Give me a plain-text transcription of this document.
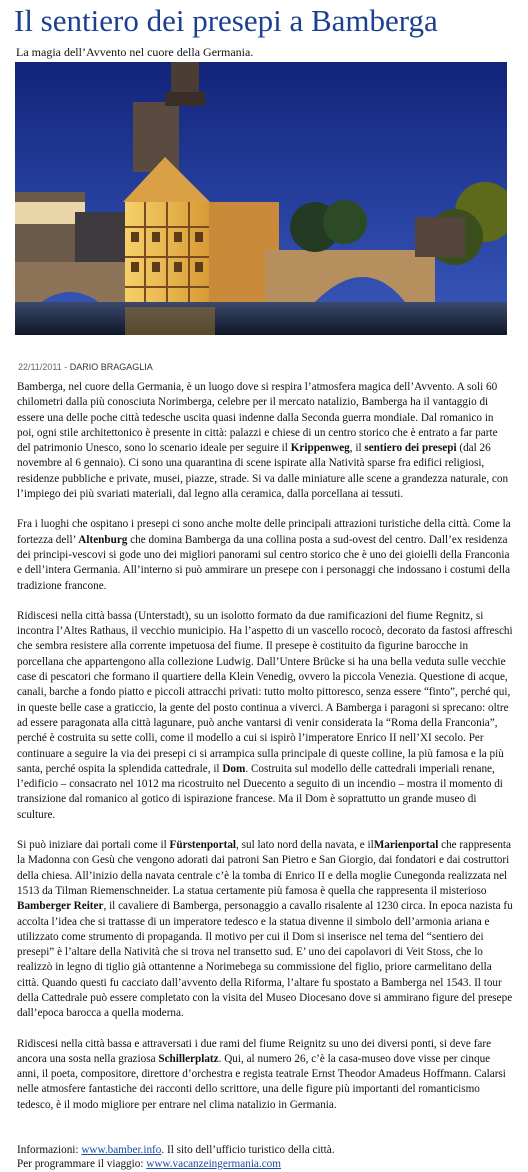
Il sentiero dei presepi a Bamberga
La magia dell’Avvento nel cuore della Germania.
22/11/2011 - DARIO BRAGAGLIA

Bamberga, nel cuore della Germania, è un luogo dove si respira l’atmosfera magica dell’Avvento. A soli 60 chilometri dalla più conosciuta Norimberga, celebre per il mercato natalizio, Bamberga ha il vantaggio di essere una delle poche città tedesche uscita quasi indenne dalla Seconda guerra mondiale. Dal romanico in poi, ogni stile architettonico è presente in città: palazzi e chiese di un centro storico che è entrato a far parte del patrimonio Unesco, sono lo scenario ideale per seguire il Krippenweg, il sentiero dei presepi (dal 26 novembre al 6 gennaio). Ci sono una quarantina di scene ispirate alla Natività sparse fra edifici religiosi, residenze pubbliche e private, musei, piazze, strade. Si va dalle miniature alle scene a grandezza naturale, con l’impiego dei più svariati materiali, dal legno alla ceramica, dalla porcellana ai tessuti.

Fra i luoghi che ospitano i presepi ci sono anche molte delle principali attrazioni turistiche della città. Come la fortezza dell’ Altenburg che domina Bamberga da una collina posta a sud-ovest del centro. Dall’ex residenza dei principi-vescovi si gode uno dei migliori panorami sul centro storico che è uno dei gioielli della Franconia e dell’intera Germania. All’interno si può ammirare un presepe con i personaggi che indossano i costumi della tradizione francone.

Ridiscesi nella città bassa (Unterstadt), su un isolotto formato da due ramificazioni del fiume Regnitz, si incontra l’Altes Rathaus, il vecchio municipio. Ha l’aspetto di un vascello rococò, decorato da fastosi affreschi che sembra resistere alla corrente impetuosa del fiume. Il presepe è costituito da figurine barocche in porcellana che appartengono alla collezione Ludwig. Dall’Untere Brücke si ha una bella veduta sulle vecchie case di pescatori che formano il quartiere della Klein Venedig, ovvero la piccola Venezia. Questione di acque, canali, barche a fondo piatto e piccoli attracchi privati: tutto molto pittoresco, senza essere “finto”, perché qui, in queste belle case a graticcio, la gente del posto continua a viverci. A Bamberga i paragoni si sprecano: oltre ad essere paragonata alla città lagunare, può anche vantarsi di venir considerata la “Roma della Franconia”, perché è costruita su sette colli, come il modello a cui si ispirò l’imperatore Enrico II nell’XI secolo. Per continuare a seguire la via dei presepi ci si arrampica sulla principale di queste colline, la più famosa e la più santa, perché ospita la splendida cattedrale, il Dom. Costruita sul modello delle cattedrali imperiali renane, l’edificio – consacrato nel 1012 ma ricostruito nel Duecento a seguito di un incendio – mostra il momento di transizione dal romanico al gotico di ispirazione francese. Ma il Dom è soprattutto un grande museo di sculture.

Si può iniziare dai portali come il Fürstenportal, sul lato nord della navata, e ilMarienportal che rappresenta la Madonna con Gesù che vengono adorati dai patroni San Pietro e San Giorgio, dai fondatori e dai costruttori della chiesa. All’inizio della navata centrale c’è la tomba di Enrico II e della moglie Cunegonda realizzata nel 1513 da Tilman Riemenschneider. La statua certamente più famosa è quella che rappresenta il misterioso Bamberger Reiter, il cavaliere di Bamberga, personaggio a cavallo risalente al 1230 circa. In epoca nazista fu accolta l’idea che si trattasse di un imperatore tedesco e la statua divenne il simbolo dell’armonia ariana e utilizzato come strumento di propaganda. Il motivo per cui il Dom si inserisce nel tema del “sentiero dei presepi” è l’altare della Natività che si trova nel transetto sud. E’ uno dei capolavori di Veit Stoss, che lo realizzò in legno di tiglio già ottantenne a Norimebega su commissione del figlio, priore carmelitano della città. Quando questi fu cacciato dall’avvento della Riforma, l’altare fu spostato a Bamberga nel 1543. Il tour della Cattedrale può essere completato con la visita del Museo Diocesano dove si ammirano figure del presepe dall’epoca barocca a quella moderna.

Ridiscesi nella città bassa e attraversati i due rami del fiume Reignitz su uno dei diversi ponti, si deve fare ancora una sosta nella graziosa Schillerplatz. Qui, al numero 26, c’è la casa-museo dove visse per cinque anni, il poeta, compositore, direttore d’orchestra e regista teatrale Ernst Theodor Amadeus Hoffmann. Calarsi nelle atmosfere fantastiche dei racconti dello scrittore, una delle figure più importanti del romanticismo tedesco, è il modo migliore per entrare nel clima natalizio in Germania.

Informazioni: www.bamber.info. Il sito dell’ufficio turistico della città.
Per programmare il viaggio: www.vacanzeingermania.com
